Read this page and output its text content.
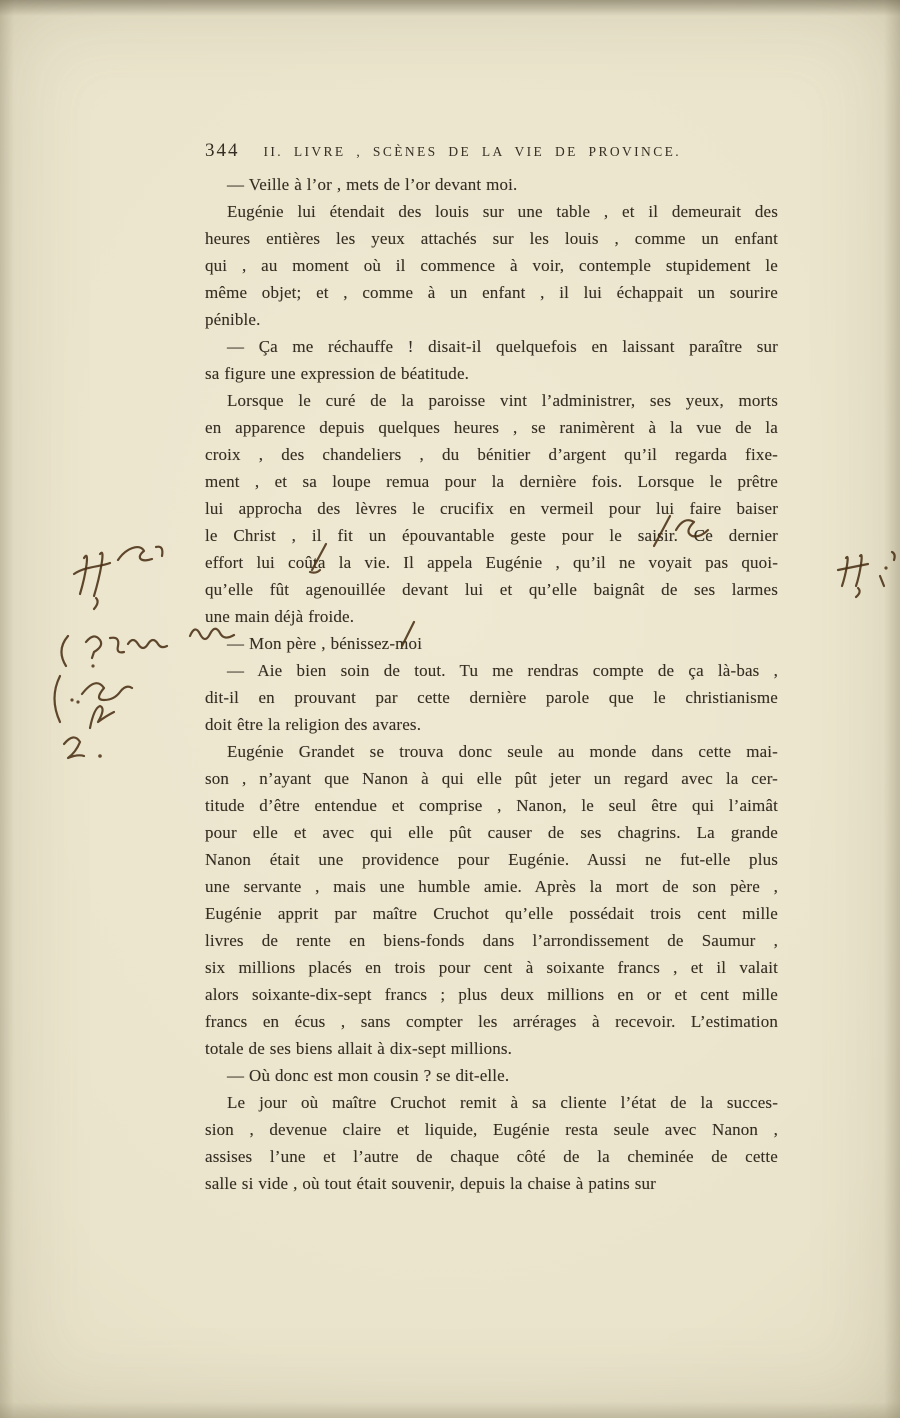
344 II. LIVRE , SCÈNES DE LA VIE DE PROVINCE.
— Veille à l’or , mets de l’or devant moi.
Eugénie lui étendait des louis sur une table , et il demeurait des
heures entières les yeux attachés sur les louis , comme un enfant
qui , au moment où il commence à voir, contemple stupidement le
même objet; et , comme à un enfant , il lui échappait un sourire
pénible.
— Ça me réchauffe ! disait-il quelquefois en laissant paraître sur
sa figure une expression de béatitude.
Lorsque le curé de la paroisse vint l’administrer, ses yeux, morts
en apparence depuis quelques heures , se ranimèrent à la vue de la
croix , des chandeliers , du bénitier d’argent qu’il regarda fixe-
ment , et sa loupe remua pour la dernière fois. Lorsque le prêtre
lui approcha des lèvres le crucifix en vermeil pour lui faire baiser
le Christ , il fit un épouvantable geste pour le saisir. Ce dernier
effort lui coûta la vie. Il appela Eugénie , qu’il ne voyait pas quoi-
qu’elle fût agenouillée devant lui et qu’elle baignât de ses larmes
une main déjà froide.
— Mon père , bénissez-moi
— Aie bien soin de tout. Tu me rendras compte de ça là-bas ,
dit-il en prouvant par cette dernière parole que le christianisme
doit être la religion des avares.
Eugénie Grandet se trouva donc seule au monde dans cette mai-
son , n’ayant que Nanon à qui elle pût jeter un regard avec la cer-
titude d’être entendue et comprise , Nanon, le seul être qui l’aimât
pour elle et avec qui elle pût causer de ses chagrins. La grande
Nanon était une providence pour Eugénie. Aussi ne fut-elle plus
une servante , mais une humble amie. Après la mort de son père ,
Eugénie apprit par maître Cruchot qu’elle possédait trois cent mille
livres de rente en biens-fonds dans l’arrondissement de Saumur ,
six millions placés en trois pour cent à soixante francs , et il valait
alors soixante-dix-sept francs ; plus deux millions en or et cent mille
francs en écus , sans compter les arrérages à recevoir. L’estimation
totale de ses biens allait à dix-sept millions.
— Où donc est mon cousin ? se dit-elle.
Le jour où maître Cruchot remit à sa cliente l’état de la succes-
sion , devenue claire et liquide, Eugénie resta seule avec Nanon ,
assises l’une et l’autre de chaque côté de la cheminée de cette
salle si vide , où tout était souvenir, depuis la chaise à patins sur
